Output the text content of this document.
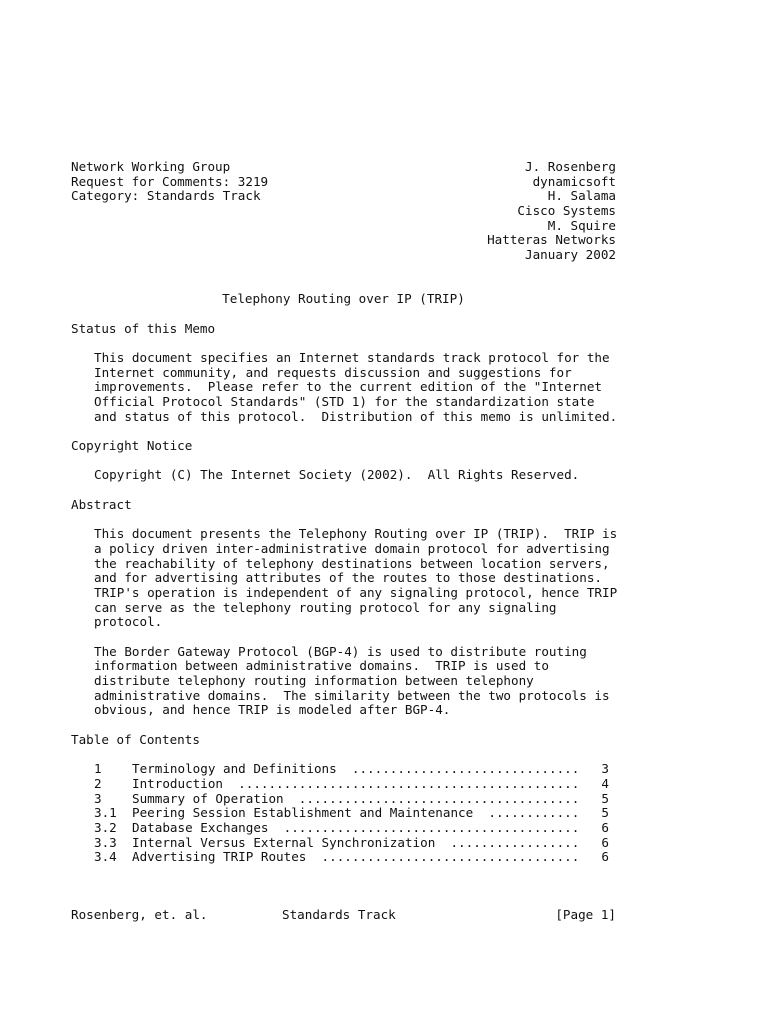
Network Working Group	J. Rosenberg
Request for Comments: 3219	dynamicsoft
Category: Standards Track	H. Salama
Cisco Systems
M. Squire
Hatteras Networks
January 2002
Telephony Routing over IP (TRIP)
Status of this Memo
This document specifies an Internet standards track protocol for the
Internet community, and requests discussion and suggestions for
improvements.  Please refer to the current edition of the "Internet
Official Protocol Standards" (STD 1) for the standardization state
and status of this protocol.  Distribution of this memo is unlimited.
Copyright Notice
Copyright (C) The Internet Society (2002).  All Rights Reserved.
Abstract
This document presents the Telephony Routing over IP (TRIP).  TRIP is
a policy driven inter-administrative domain protocol for advertising
the reachability of telephony destinations between location servers,
and for advertising attributes of the routes to those destinations.
TRIP's operation is independent of any signaling protocol, hence TRIP
can serve as the telephony routing protocol for any signaling
protocol.
The Border Gateway Protocol (BGP-4) is used to distribute routing
information between administrative domains.  TRIP is used to
distribute telephony routing information between telephony
administrative domains.  The similarity between the two protocols is
obvious, and hence TRIP is modeled after BGP-4.
Table of Contents
1	Terminology and Definitions  ..............................	3
2	Introduction  .............................................	4
3	Summary of Operation  .....................................	5
3.1	Peering Session Establishment and Maintenance  ............	5
3.2	Database Exchanges  .......................................	6
3.3	Internal Versus External Synchronization  .................	6
3.4	Advertising TRIP Routes  ..................................	6
Rosenberg, et. al.	Standards Track	[Page 1]
